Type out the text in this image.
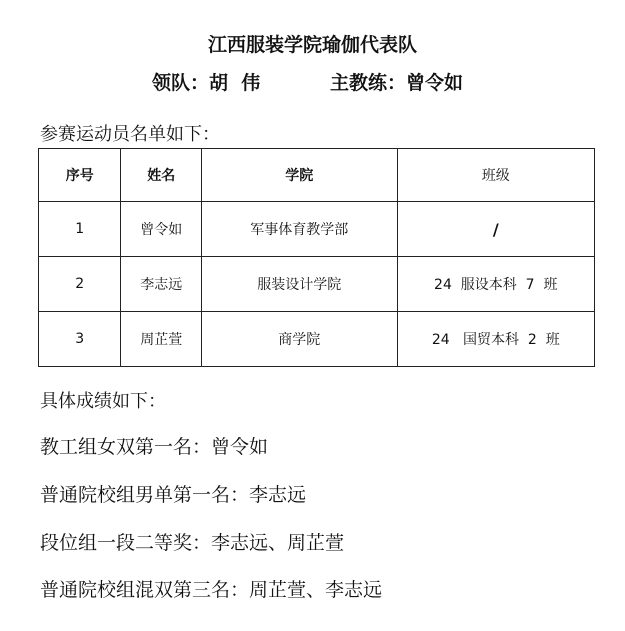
江西服装学院瑜伽代表队
领队：胡  伟	主教练：曾令如
参赛运动员名单如下：
序号	姓名	学院	班级
1	曾令如	军事体育教学部	/
2	李志远	服装设计学院	24  服设本科  7  班
3	周芷萱	商学院	24   国贸本科  2  班
具体成绩如下：
教工组女双第一名：曾令如
普通院校组男单第一名：李志远
段位组一段二等奖：李志远、周芷萱
普通院校组混双第三名：周芷萱、李志远
